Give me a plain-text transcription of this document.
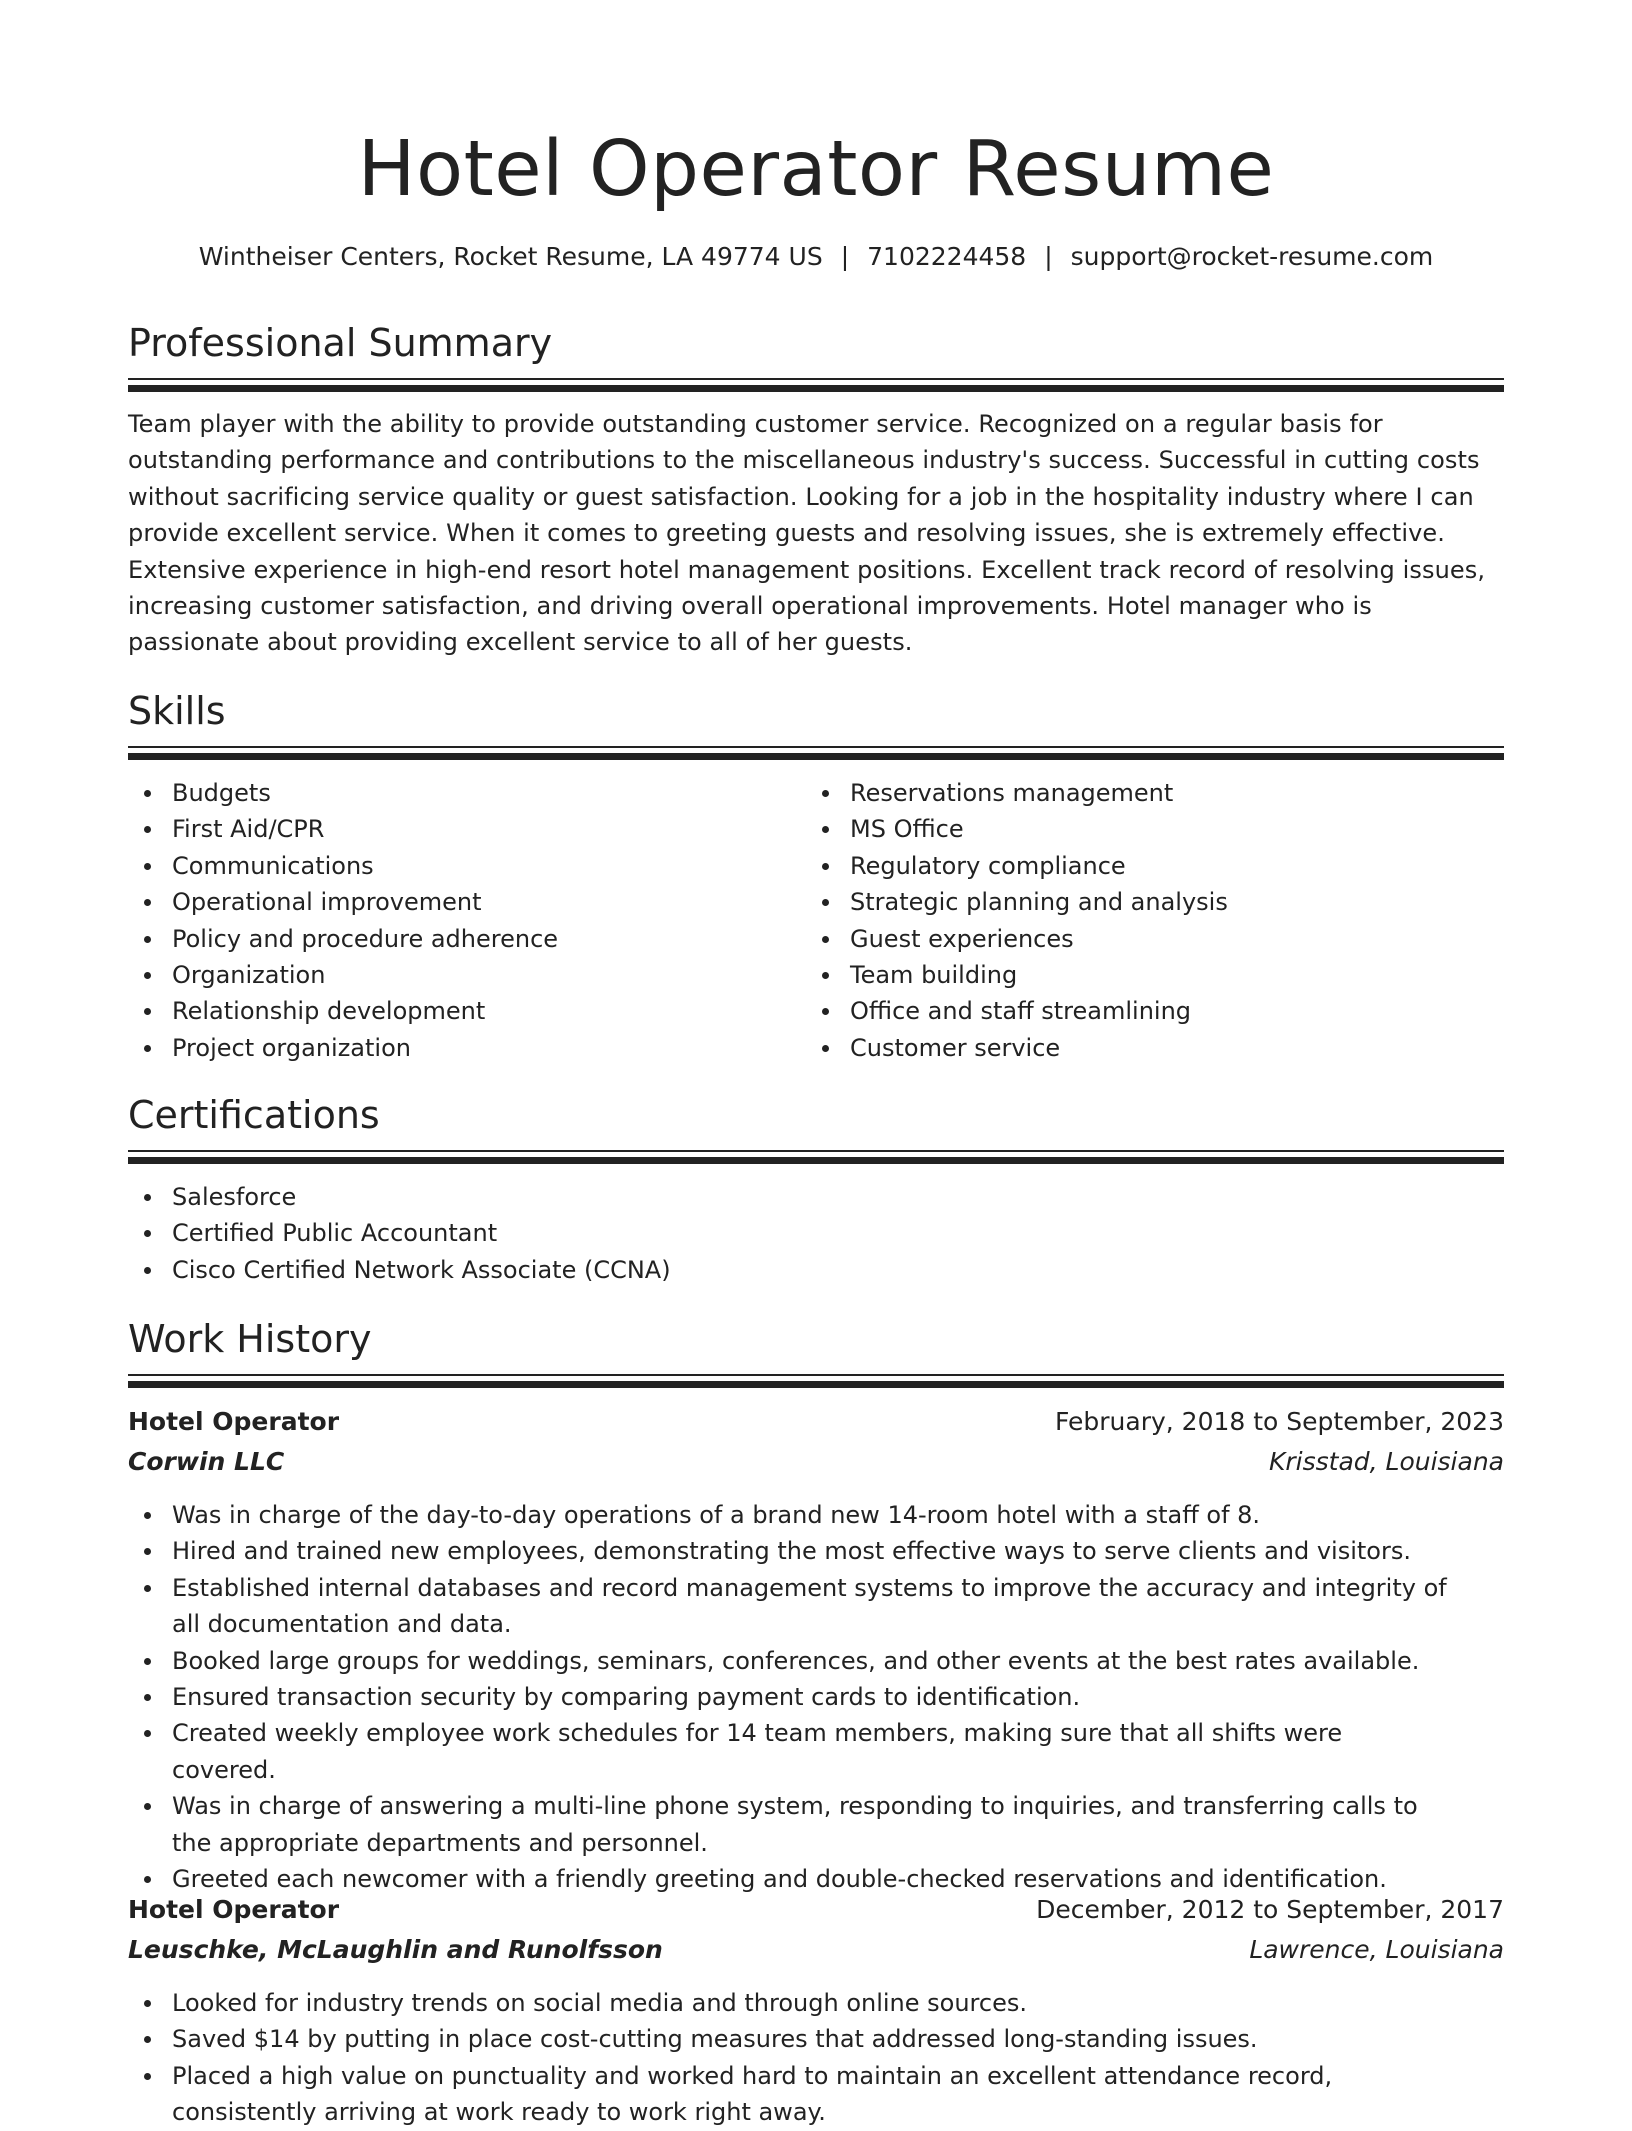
Hotel Operator Resume
Wintheiser Centers, Rocket Resume, LA 49774 US | 7102224458 | support@rocket-resume.com
Professional Summary

Team player with the ability to provide outstanding customer service. Recognized on a regular basis for outstanding performance and contributions to the miscellaneous industry's success. Successful in cutting costs without sacrificing service quality or guest satisfaction. Looking for a job in the hospitality industry where I can provide excellent service. When it comes to greeting guests and resolving issues, she is extremely effective. Extensive experience in high-end resort hotel management positions. Excellent track record of resolving issues, increasing customer satisfaction, and driving overall operational improvements. Hotel manager who is passionate about providing excellent service to all of her guests.

Skills
Budgets
First Aid/CPR
Communications
Operational improvement
Policy and procedure adherence
Organization
Relationship development
Project organization
Reservations management
MS Office
Regulatory compliance
Strategic planning and analysis
Guest experiences
Team building
Office and staff streamlining
Customer service
Certifications
Salesforce
Certified Public Accountant
Cisco Certified Network Associate (CCNA)
Work History
Hotel Operator	February, 2018 to September, 2023
Corwin LLC	Krisstad, Louisiana
Was in charge of the day-to-day operations of a brand new 14-room hotel with a staff of 8.
Hired and trained new employees, demonstrating the most effective ways to serve clients and visitors.
Established internal databases and record management systems to improve the accuracy and integrity of all documentation and data.
Booked large groups for weddings, seminars, conferences, and other events at the best rates available.
Ensured transaction security by comparing payment cards to identification.
Created weekly employee work schedules for 14 team members, making sure that all shifts were covered.
Was in charge of answering a multi-line phone system, responding to inquiries, and transferring calls to the appropriate departments and personnel.
Greeted each newcomer with a friendly greeting and double-checked reservations and identification.
Hotel Operator	December, 2012 to September, 2017
Leuschke, McLaughlin and Runolfsson	Lawrence, Louisiana
Looked for industry trends on social media and through online sources.
Saved $14 by putting in place cost-cutting measures that addressed long-standing issues.
Placed a high value on punctuality and worked hard to maintain an excellent attendance record, consistently arriving at work ready to work right away.
